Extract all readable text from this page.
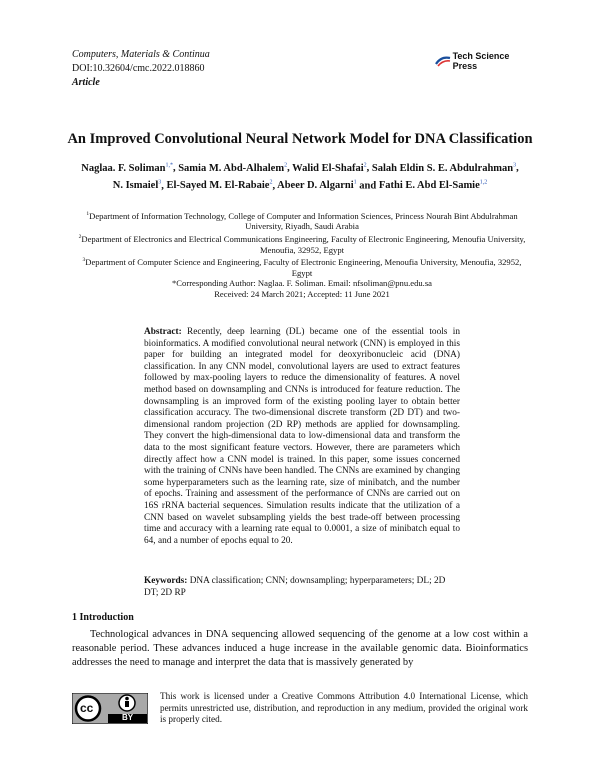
Computers, Materials & Continua
DOI:10.32604/cmc.2022.018860
Article
Tech Science Press
An Improved Convolutional Neural Network Model for DNA Classification
Naglaa. F. Soliman$^{1,*}$, Samia M. Abd-Alhalem$^2$, Walid El-Shafai$^2$, Salah Eldin S. E. Abdulrahman$^3$,
N. Ismaiel$^3$, El-Sayed M. El-Rabaie$^2$, Abeer D. Algarni$^1$ and Fathi E. Abd El-Samie$^{1,2}$

$^1$Department of Information Technology, College of Computer and Information Sciences, Princess Nourah Bint Abdulrahman University, Riyadh, Saudi Arabia

$^2$Department of Electronics and Electrical Communications Engineering, Faculty of Electronic Engineering, Menoufia University, Menoufia, 32952, Egypt

$^3$Department of Computer Science and Engineering, Faculty of Electronic Engineering, Menoufia University, Menoufia, 32952, Egypt

*Corresponding Author: Naglaa. F. Soliman. Email: nfsoliman@pnu.edu.sa

Received: 24 March 2021; Accepted: 11 June 2021

Abstract: Recently, deep learning (DL) became one of the essential tools in bioinformatics. A modified convolutional neural network (CNN) is employed in this paper for building an integrated model for deoxyribonucleic acid (DNA) classification. In any CNN model, convolutional layers are used to extract features followed by max-pooling layers to reduce the dimensionality of features. A novel method based on downsampling and CNNs is introduced for feature reduction. The downsampling is an improved form of the existing pooling layer to obtain better classification accuracy. The two-dimensional discrete transform (2D DT) and two-dimensional random projection (2D RP) methods are applied for downsampling. They convert the high-dimensional data to low-dimensional data and transform the data to the most significant feature vectors. However, there are parameters which directly affect how a CNN model is trained. In this paper, some issues concerned with the training of CNNs have been handled. The CNNs are examined by changing some hyperparameters such as the learning rate, size of minibatch, and the number of epochs. Training and assessment of the performance of CNNs are carried out on 16S rRNA bacterial sequences. Simulation results indicate that the utilization of a CNN based on wavelet subsampling yields the best trade-off between processing time and accuracy with a learning rate equal to 0.0001, a size of minibatch equal to 64, and a number of epochs equal to 20.
Keywords: DNA classification; CNN; downsampling; hyperparameters; DL; 2D DT; 2D RP
1 Introduction
Technological advances in DNA sequencing allowed sequencing of the genome at a low cost within a reasonable period. These advances induced a huge increase in the available genomic data. Bioinformatics addresses the need to manage and interpret the data that is massively generated by
cc
BY
This work is licensed under a Creative Commons Attribution 4.0 International License, which permits unrestricted use, distribution, and reproduction in any medium, provided the original work is properly cited.
